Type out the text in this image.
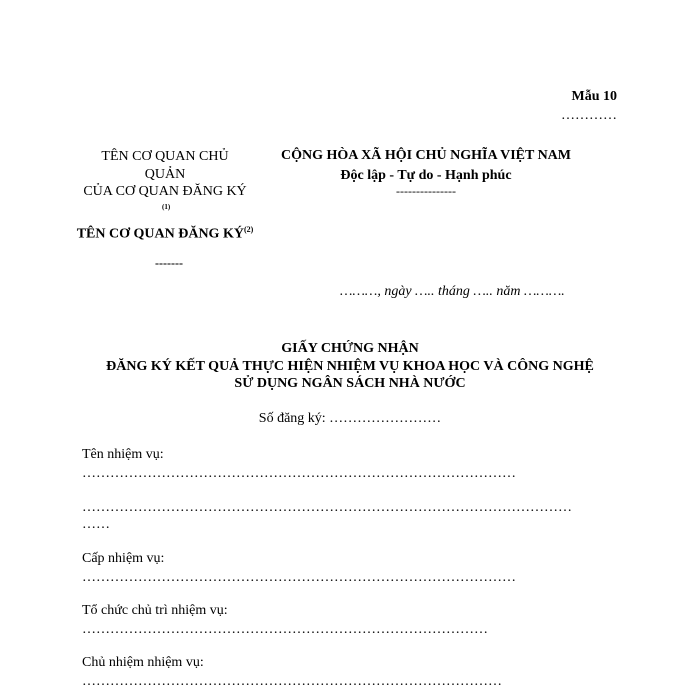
Mẫu 10
…………
TÊN CƠ QUAN CHỦ QUẢN
CỦA CƠ QUAN ĐĂNG KÝ
(1)
TÊN CƠ QUAN ĐĂNG KÝ$^{(2)}$
-------
CỘNG HÒA XÃ HỘI CHỦ NGHĨA VIỆT NAM
Độc lập - Tự do - Hạnh phúc
---------------
………, ngày ….. tháng ….. năm ……….
GIẤY CHỨNG NHẬN
ĐĂNG KÝ KẾT QUẢ THỰC HIỆN NHIỆM VỤ KHOA HỌC VÀ CÔNG NGHỆ
SỬ DỤNG NGÂN SÁCH NHÀ NƯỚC
Số đăng ký: ……………………
Tên nhiệm vụ:
…………………………………………………………………………………
……………………………………………………………………………………………
……
Cấp nhiệm vụ:
…………………………………………………………………………………
Tổ chức chủ trì nhiệm vụ:
……………………………………………………………………………
Chủ nhiệm nhiệm vụ:
………………………………………………………………………………
